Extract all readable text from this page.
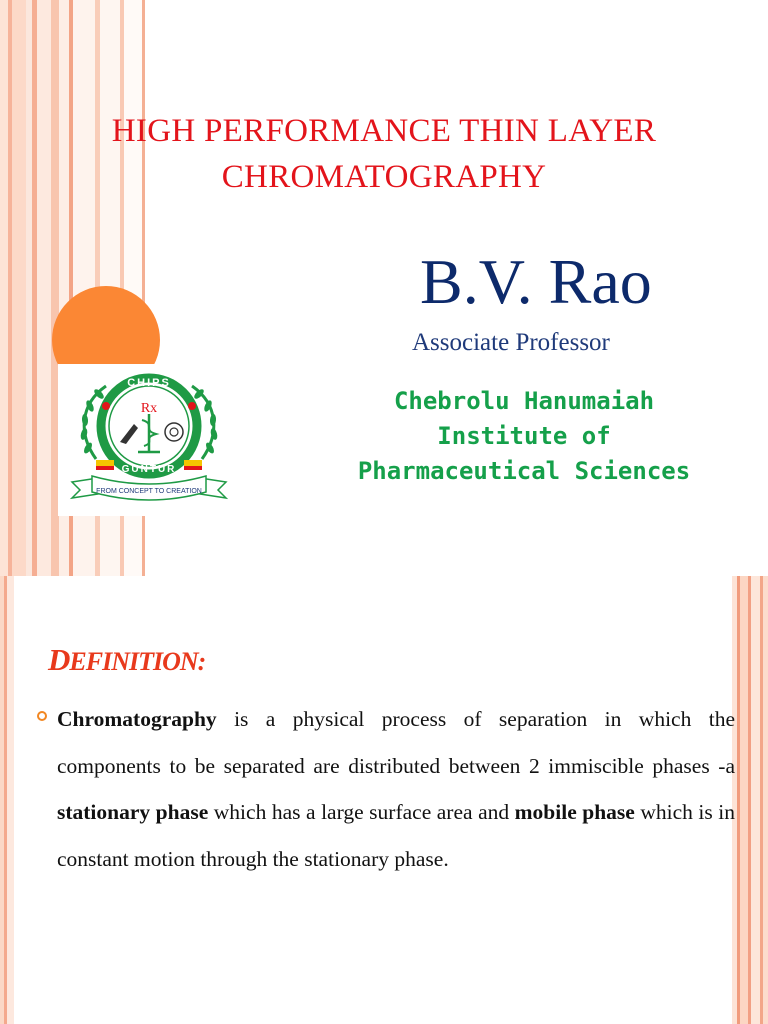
HIGH PERFORMANCE THIN LAYER
CHROMATOGRAPHY
B.V. Rao
Associate Professor
Chebrolu Hanumaiah
Institute of
Pharmaceutical Sciences
Rx
CHIPS
GUNTUR
FROM CONCEPT TO CREATION
DEFINITION:
Chromatography is a physical process of separation in which the components to be separated are distributed between 2 immiscible phases -a stationary phase which has a large surface area and mobile phase which is in constant motion through the stationary phase.
